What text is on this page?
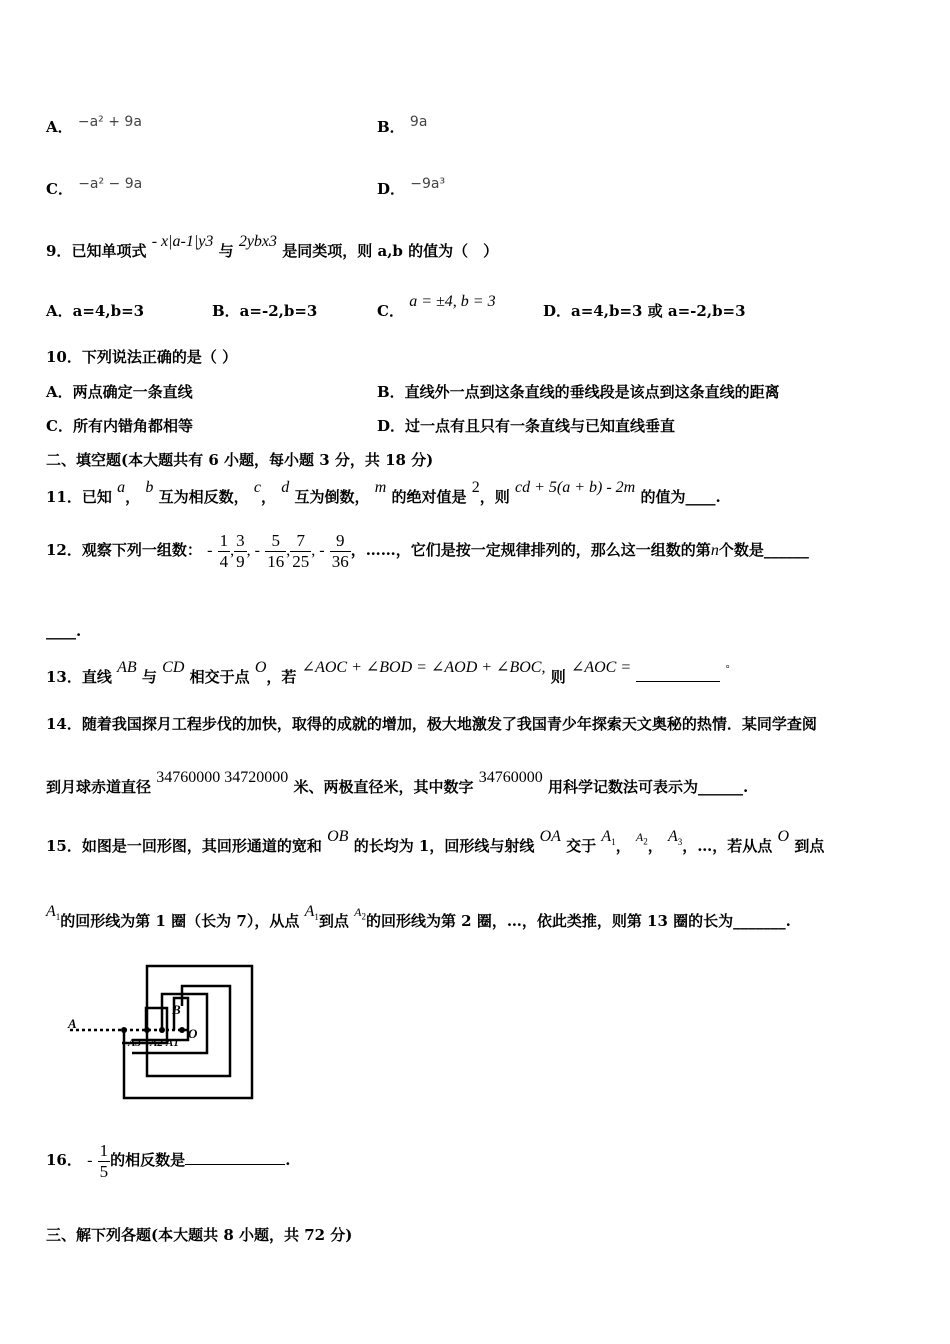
A． −a² + 9a	B． 9a
C． −a² − 9a	D． −9a³
9．已知单项式 - x|a-1|y3 与 2ybx3 是同类项，则 a,b 的值为（　）
A．a=4,b=3	B．a=-2,b=3	C． a = ±4, b = 3
D．a=4,b=3 或 a=-2,b=3
10．下列说法正确的是（ ）
A．两点确定一条直线	B．直线外一点到这条直线的垂线段是该点到这条直线的距离
C．所有内错角都相等	D．过一点有且只有一条直线与已知直线垂直
二、填空题(本大题共有 6 小题，每小题 3 分，共 18 分)
11．已知 a， b 互为相反数， c， d 互为倒数， m 的绝对值是 2，则 cd + 5(a + b) - 2m 的值为____.
12．观察下列一组数： - $\frac{1}{4}$ , $\frac{3}{9}$ , - $\frac{5}{16}$ , $\frac{7}{25}$ , - $\frac{9}{36}$ ，……，它们是按一定规律排列的，那么这一组数的第n个数是______
____.
13．直线 AB 与 CD 相交于点 O，若 ∠AOC + ∠BOD = ∠AOD + ∠BOC, 则 ∠AOC =	°
14．随着我国探月工程步伐的加快，取得的成就的增加，极大地激发了我国青少年探索天文奥秘的热情．某同学查阅
到月球赤道直径 34760000 34720000 米、两极直径米，其中数字 34760000 用科学记数法可表示为______.
15．如图是一回形图，其回形通道的宽和 OB 的长均为 1，回形线与射线 OA 交于 $A_1$， $^{A_2}$， $A_3$，…，若从点 O 到点
$A_1$的回形线为第 1 圈（长为 7），从点 $A_1$到点 $^{A_2}$的回形线为第 2 圈，…，依此类推，则第 13 圈的长为_______.
A
B
O
A3 A2 A1
16． - $\frac{1}{5}$ 的相反数是	.
三、解下列各题(本大题共 8 小题，共 72 分)
